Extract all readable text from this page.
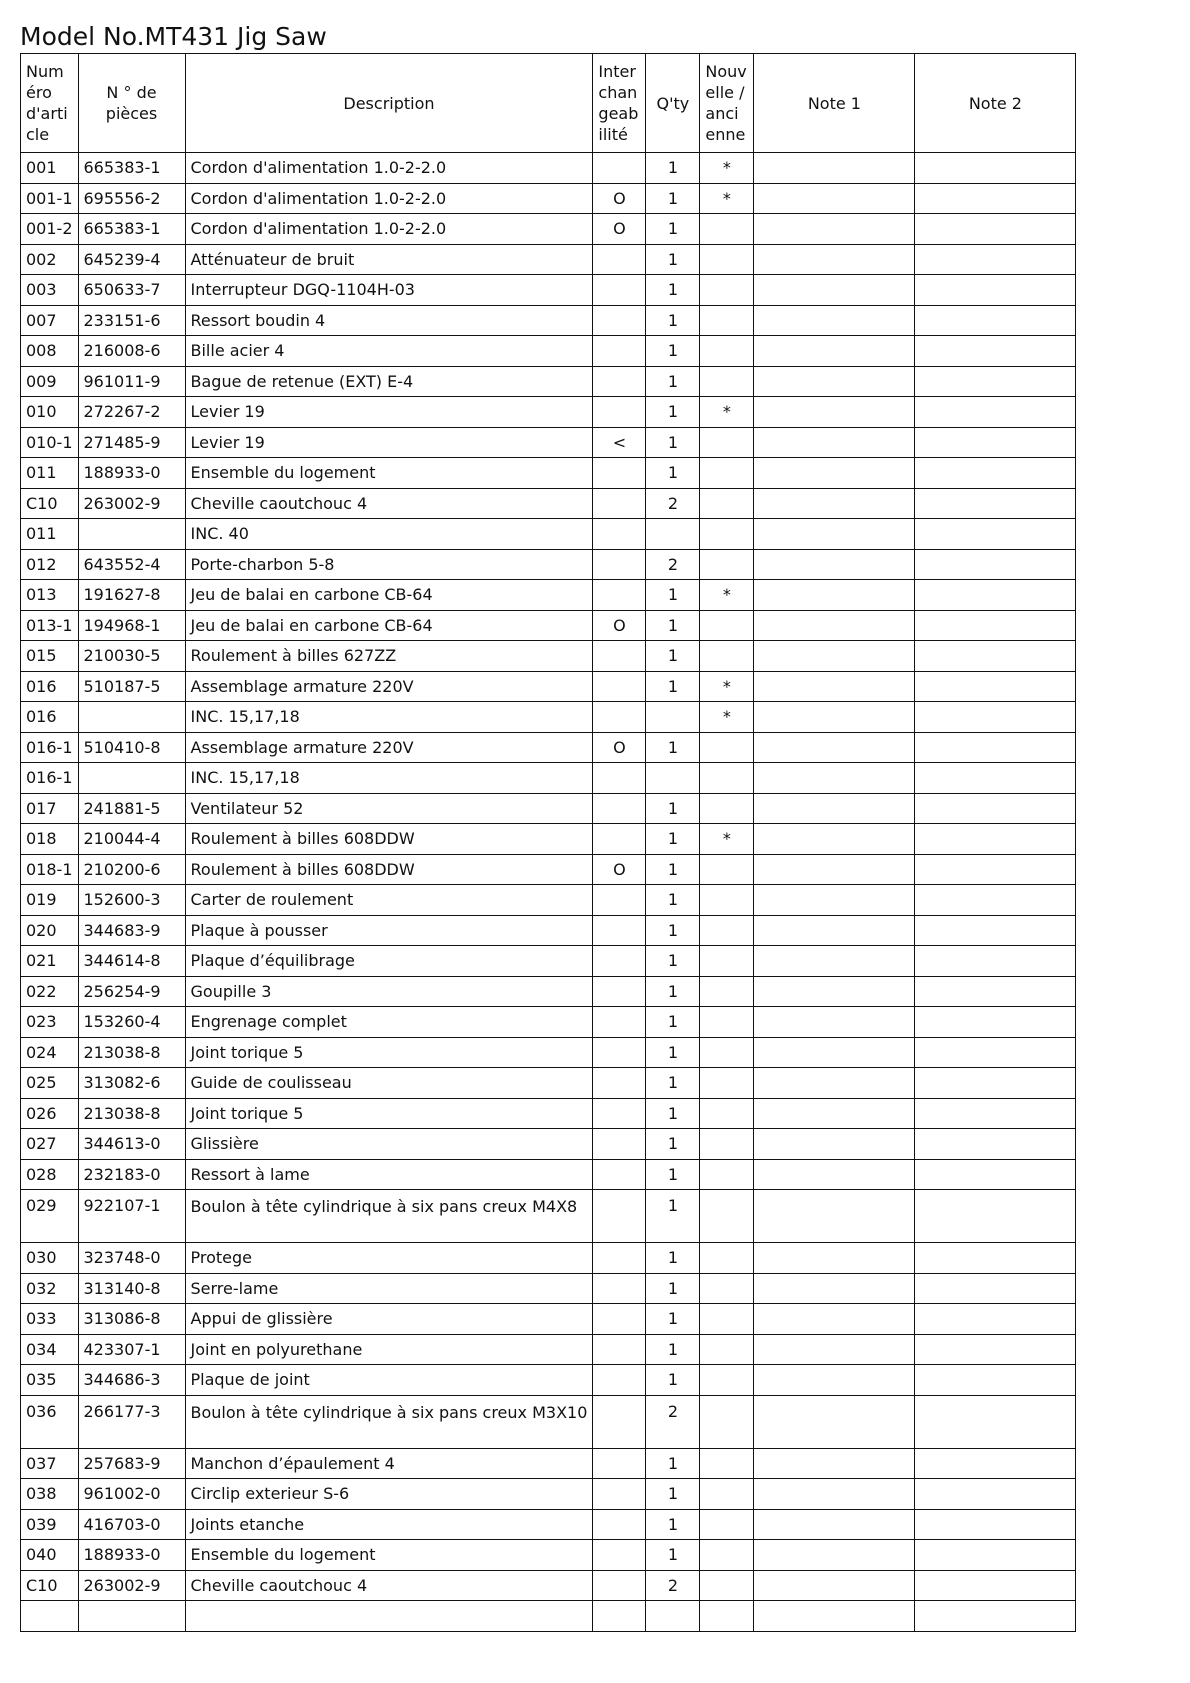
Model No.MT431 Jig Saw
Numéro d'article	N ° de pièces	Description	Interchangeabilité	Q'ty	Nouvelle / ancienne	Note 1	Note 2
001	665383-1	Cordon d'alimentation 1.0-2-2.0		1	*		
001-1	695556-2	Cordon d'alimentation 1.0-2-2.0	O	1	*		
001-2	665383-1	Cordon d'alimentation 1.0-2-2.0	O	1			
002	645239-4	Atténuateur de bruit		1			
003	650633-7	Interrupteur DGQ-1104H-03		1			
007	233151-6	Ressort boudin 4		1			
008	216008-6	Bille acier 4		1			
009	961011-9	Bague de retenue (EXT) E-4		1			
010	272267-2	Levier 19		1	*		
010-1	271485-9	Levier 19	<	1			
011	188933-0	Ensemble du logement		1			
C10	263002-9	Cheville caoutchouc 4		2			
011		INC. 40					
012	643552-4	Porte-charbon 5-8		2			
013	191627-8	Jeu de balai en carbone CB-64		1	*		
013-1	194968-1	Jeu de balai en carbone CB-64	O	1			
015	210030-5	Roulement à billes 627ZZ		1			
016	510187-5	Assemblage armature 220V		1	*		
016		INC. 15,17,18			*		
016-1	510410-8	Assemblage armature 220V	O	1			
016-1		INC. 15,17,18					
017	241881-5	Ventilateur 52		1			
018	210044-4	Roulement à billes 608DDW		1	*		
018-1	210200-6	Roulement à billes 608DDW	O	1			
019	152600-3	Carter de roulement		1			
020	344683-9	Plaque à pousser		1			
021	344614-8	Plaque d’équilibrage		1			
022	256254-9	Goupille 3		1			
023	153260-4	Engrenage complet		1			
024	213038-8	Joint torique 5		1			
025	313082-6	Guide de coulisseau		1			
026	213038-8	Joint torique 5		1			
027	344613-0	Glissière		1			
028	232183-0	Ressort à lame		1			
029	922107-1	Boulon à tête cylindrique à six pans creux M4X8		1			
030	323748-0	Protege		1			
032	313140-8	Serre-lame		1			
033	313086-8	Appui de glissière		1			
034	423307-1	Joint en polyurethane		1			
035	344686-3	Plaque de joint		1			
036	266177-3	Boulon à tête cylindrique à six pans creux M3X10		2			
037	257683-9	Manchon d’épaulement 4		1			
038	961002-0	Circlip exterieur S-6		1			
039	416703-0	Joints etanche		1			
040	188933-0	Ensemble du logement		1			
C10	263002-9	Cheville caoutchouc 4		2			
